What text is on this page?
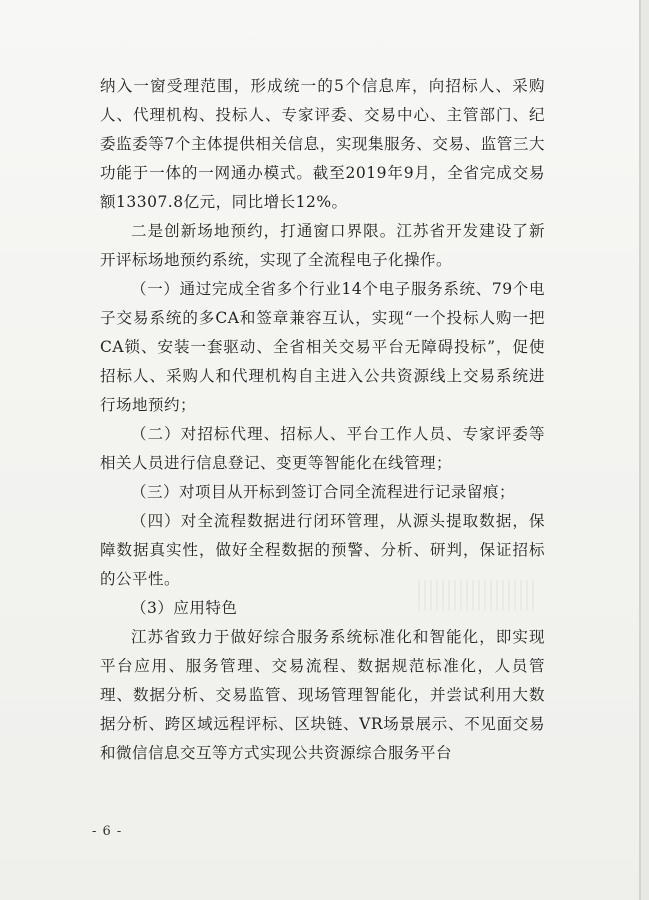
纳入一窗受理范围，形成统一的5个信息库，向招标人、采购人、代理机构、投标人、专家评委、交易中心、主管部门、纪委监委等7个主体提供相关信息，实现集服务、交易、监管三大功能于一体的一网通办模式。截至2019年9月，全省完成交易额13307.8亿元，同比增长12%。

二是创新场地预约，打通窗口界限。江苏省开发建设了新开评标场地预约系统，实现了全流程电子化操作。

（一）通过完成全省多个行业14个电子服务系统、79个电子交易系统的多CA和签章兼容互认，实现“一个投标人购一把CA锁、安装一套驱动、全省相关交易平台无障碍投标”，促使招标人、采购人和代理机构自主进入公共资源线上交易系统进行场地预约；

（二）对招标代理、招标人、平台工作人员、专家评委等相关人员进行信息登记、变更等智能化在线管理；

（三）对项目从开标到签订合同全流程进行记录留痕；

（四）对全流程数据进行闭环管理，从源头提取数据，保障数据真实性，做好全程数据的预警、分析、研判，保证招标的公平性。

（3）应用特色

江苏省致力于做好综合服务系统标准化和智能化，即实现平台应用、服务管理、交易流程、数据规范标准化，人员管理、数据分析、交易监管、现场管理智能化，并尝试利用大数据分析、跨区域远程评标、区块链、VR场景展示、不见面交易和微信信息交互等方式实现公共资源综合服务平台

- 6 -
